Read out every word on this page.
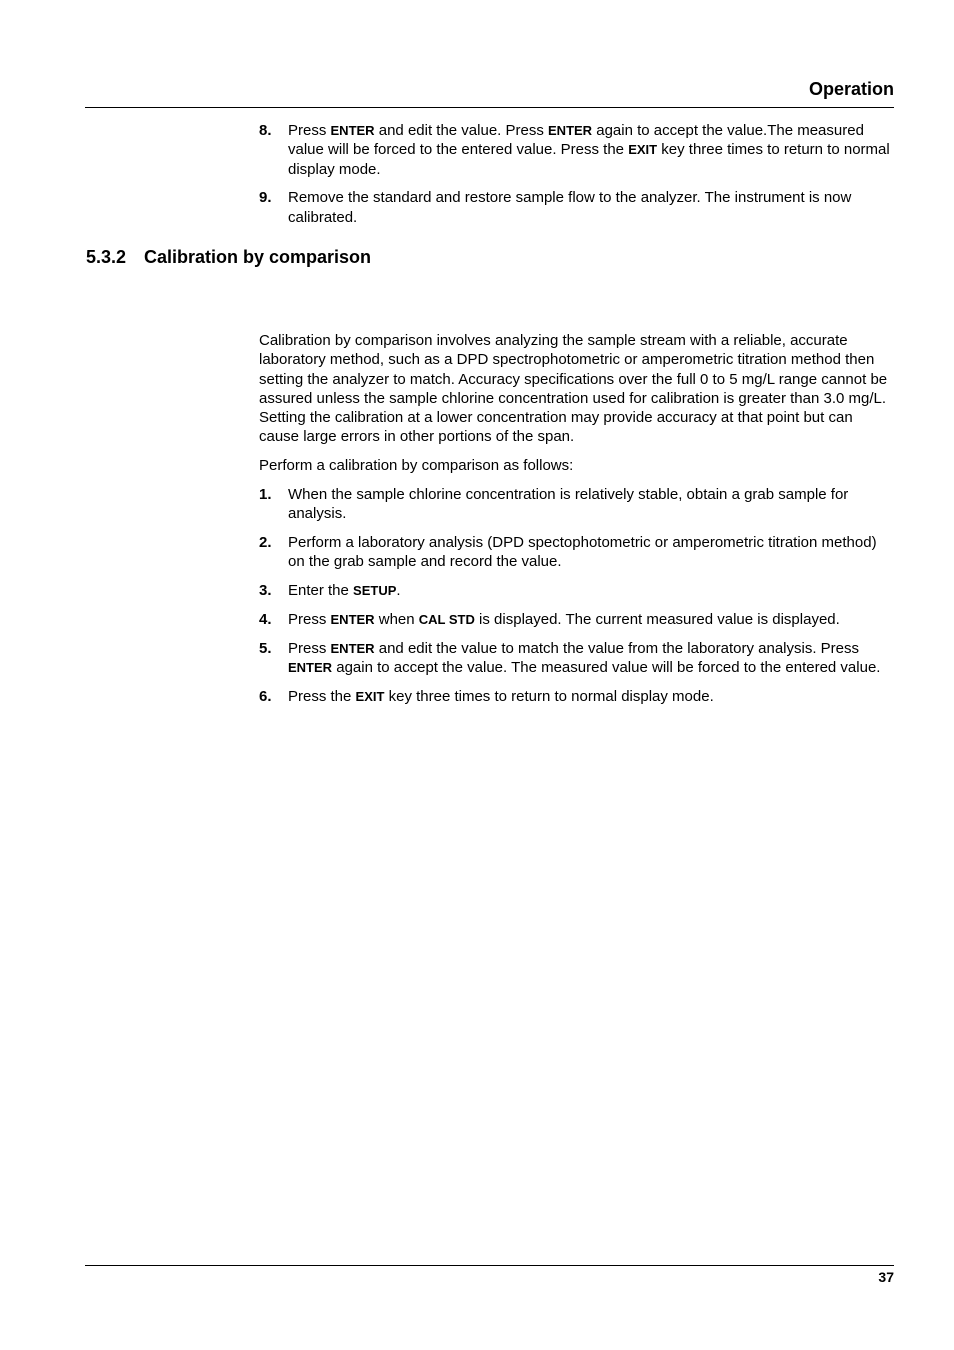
Operation
8. Press ENTER and edit the value. Press ENTER again to accept the value.The measured value will be forced to the entered value. Press the EXIT key three times to return to normal display mode.
9. Remove the standard and restore sample flow to the analyzer. The instrument is now calibrated.
5.3.2 Calibration by comparison

Calibration by comparison involves analyzing the sample stream with a reliable, accurate laboratory method, such as a DPD spectrophotometric or amperometric titration method then setting the analyzer to match. Accuracy specifications over the full 0 to 5 mg/L range cannot be assured unless the sample chlorine concentration used for calibration is greater than 3.0 mg/L. Setting the calibration at a lower concentration may provide accuracy at that point but can cause large errors in other portions of the span.

Perform a calibration by comparison as follows:

1. When the sample chlorine concentration is relatively stable, obtain a grab sample for analysis.
2. Perform a laboratory analysis (DPD spectophotometric or amperometric titration method) on the grab sample and record the value.
3. Enter the SETUP.
4. Press ENTER when CAL STD is displayed. The current measured value is displayed.
5. Press ENTER and edit the value to match the value from the laboratory analysis. Press ENTER again to accept the value. The measured value will be forced to the entered value.
6. Press the EXIT key three times to return to normal display mode.
37
